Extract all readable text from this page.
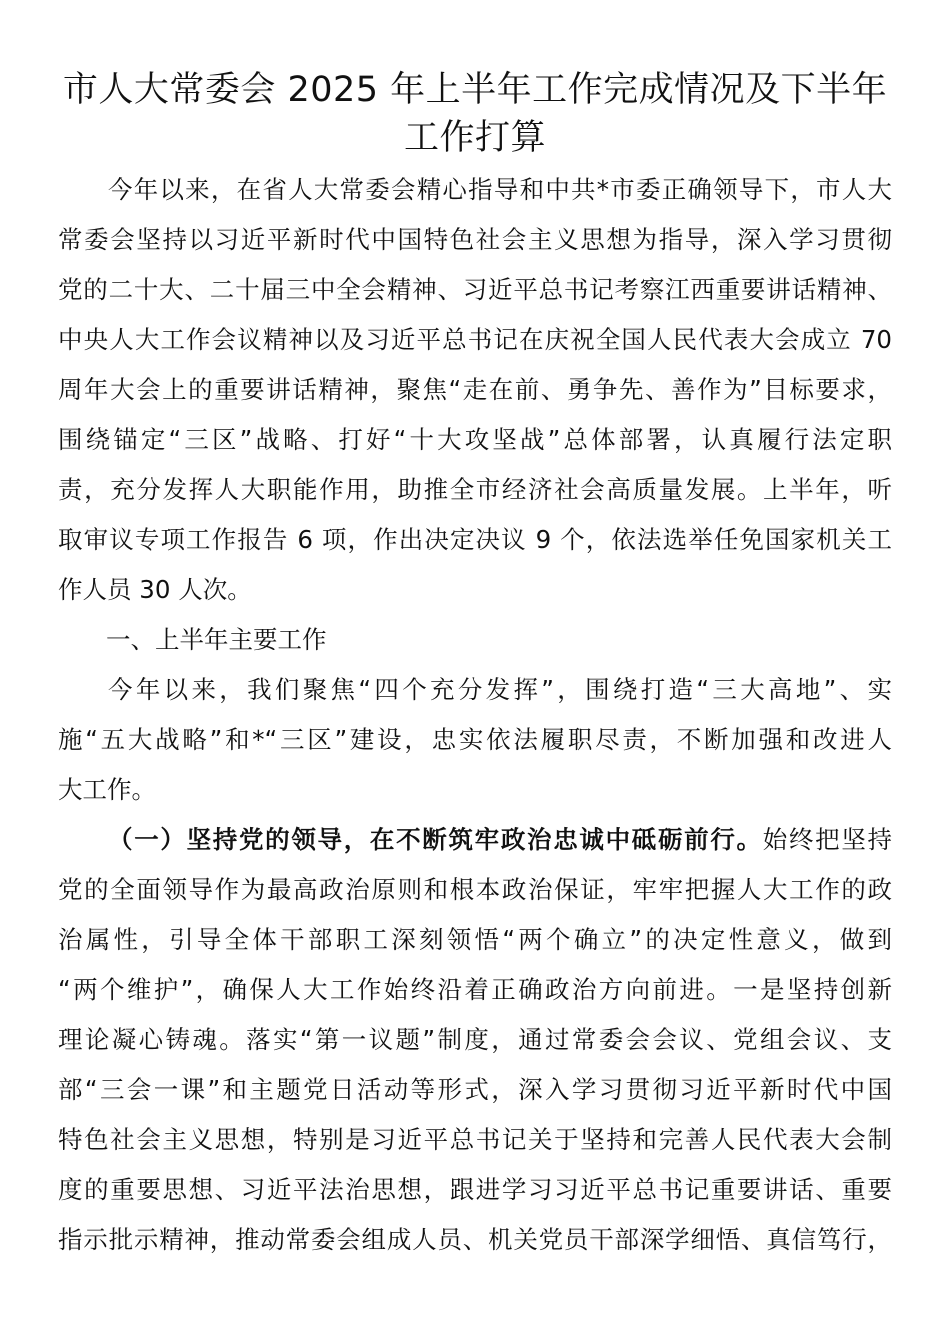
市人大常委会 2025 年上半年工作完成情况及下半年
工作打算
今年以来，在省人大常委会精心指导和中共*市委正确领导下，市人大
常委会坚持以习近平新时代中国特色社会主义思想为指导，深入学习贯彻
党的二十大、二十届三中全会精神、习近平总书记考察江西重要讲话精神、
中央人大工作会议精神以及习近平总书记在庆祝全国人民代表大会成立 70
周年大会上的重要讲话精神，聚焦“走在前、勇争先、善作为”目标要求，
围绕锚定“三区”战略、打好“十大攻坚战”总体部署，认真履行法定职
责，充分发挥人大职能作用，助推全市经济社会高质量发展。上半年，听
取审议专项工作报告 6 项，作出决定决议 9 个，依法选举任免国家机关工
作人员 30 人次。
一、上半年主要工作
今年以来，我们聚焦“四个充分发挥”，围绕打造“三大高地”、实
施“五大战略”和*“三区”建设，忠实依法履职尽责，不断加强和改进人
大工作。
（一）坚持党的领导，在不断筑牢政治忠诚中砥砺前行。始终把坚持
党的全面领导作为最高政治原则和根本政治保证，牢牢把握人大工作的政
治属性，引导全体干部职工深刻领悟“两个确立”的决定性意义，做到
“两个维护”，确保人大工作始终沿着正确政治方向前进。一是坚持创新
理论凝心铸魂。落实“第一议题”制度，通过常委会会议、党组会议、支
部“三会一课”和主题党日活动等形式，深入学习贯彻习近平新时代中国
特色社会主义思想，特别是习近平总书记关于坚持和完善人民代表大会制
度的重要思想、习近平法治思想，跟进学习习近平总书记重要讲话、重要
指示批示精神，推动常委会组成人员、机关党员干部深学细悟、真信笃行，
